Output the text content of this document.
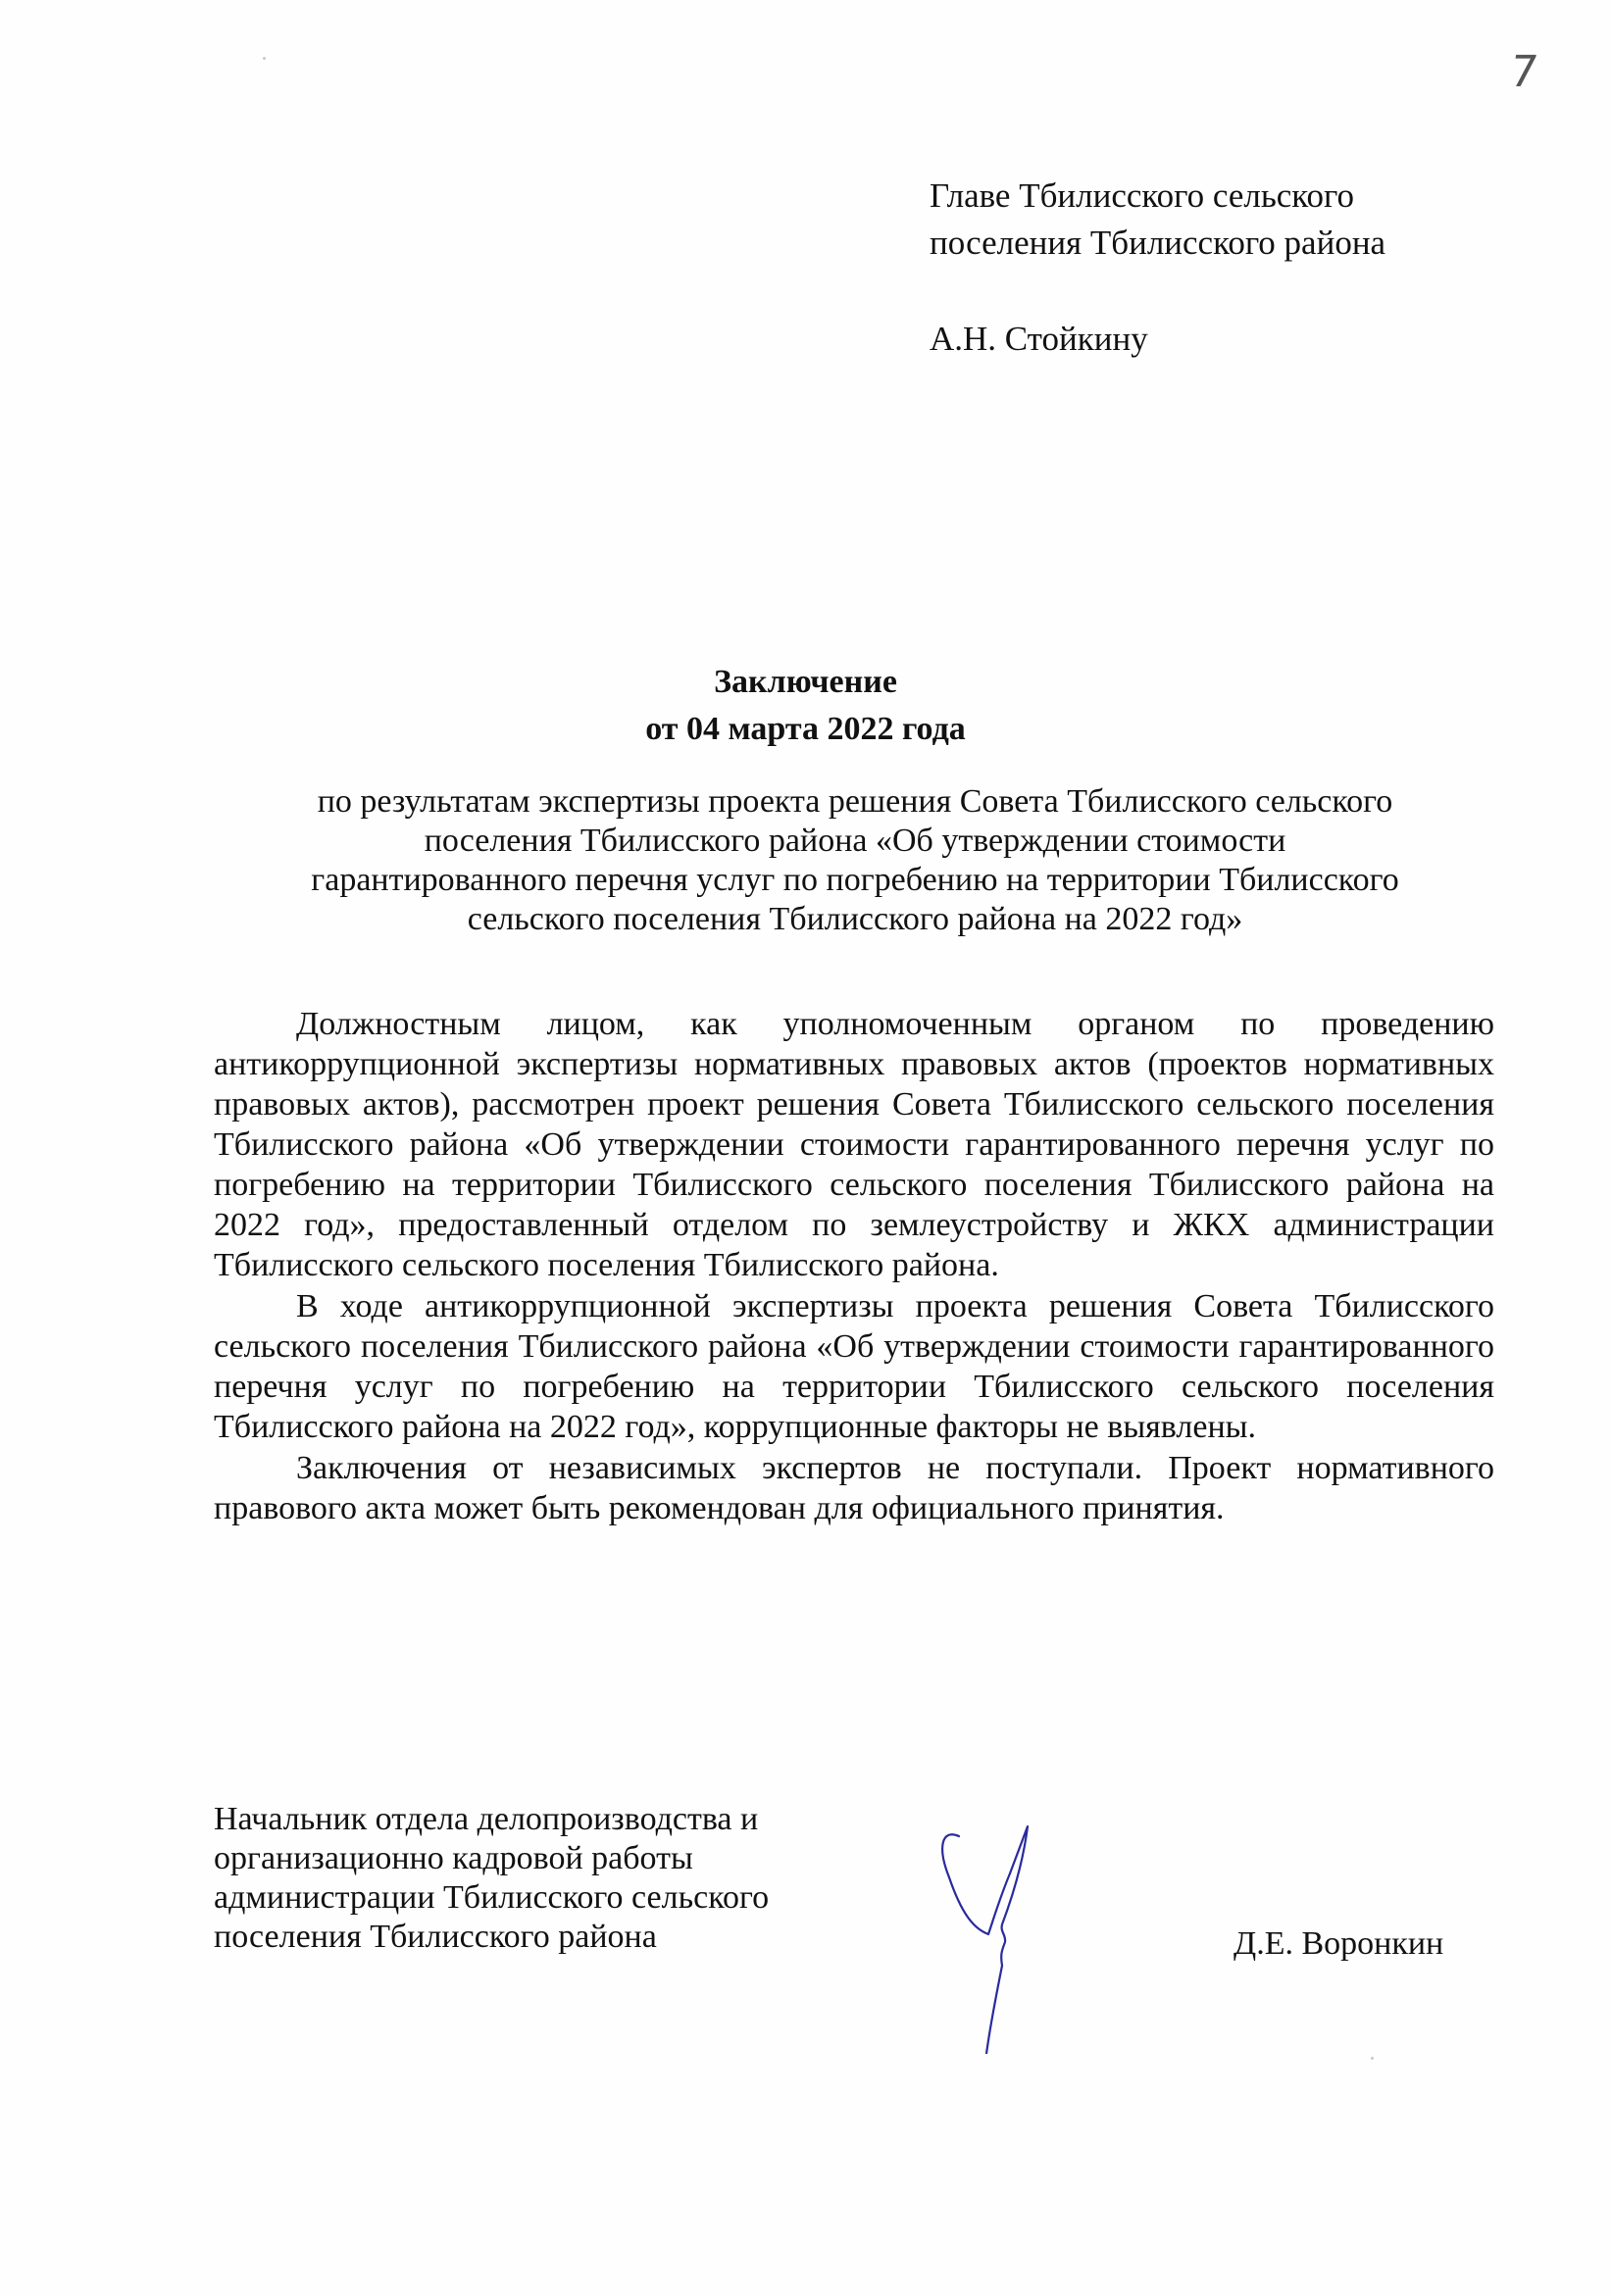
7
Главе Тбилисского сельского
поселения Тбилисского района
А.Н. Стойкину
Заключение
от 04 марта 2022 года
по результатам экспертизы проекта решения Совета Тбилисского сельского
поселения Тбилисского района «Об утверждении стоимости
гарантированного перечня услуг по погребению на территории Тбилисского
сельского поселения Тбилисского района на 2022 год»

Должностным лицом, как уполномоченным органом по проведению антикоррупционной экспертизы нормативных правовых актов (проектов нормативных правовых актов), рассмотрен проект решения Совета Тбилисского сельского поселения Тбилисского района «Об утверждении стоимости гарантированного перечня услуг по погребению на территории Тбилисского сельского поселения Тбилисского района на 2022 год», предоставленный отделом по землеустройству и ЖКХ администрации Тбилисского сельского поселения Тбилисского района.

В ходе антикоррупционной экспертизы проекта решения Совета Тбилисского сельского поселения Тбилисского района «Об утверждении стоимости гарантированного перечня услуг по погребению на территории Тбилисского сельского поселения Тбилисского района на 2022 год», коррупционные факторы не выявлены.

Заключения от независимых экспертов не поступали. Проект нормативного правового акта может быть рекомендован для официального принятия.

Начальник отдела делопроизводства и
организационно кадровой работы
администрации Тбилисского сельского
поселения Тбилисского района	Д.Е. Воронкин
